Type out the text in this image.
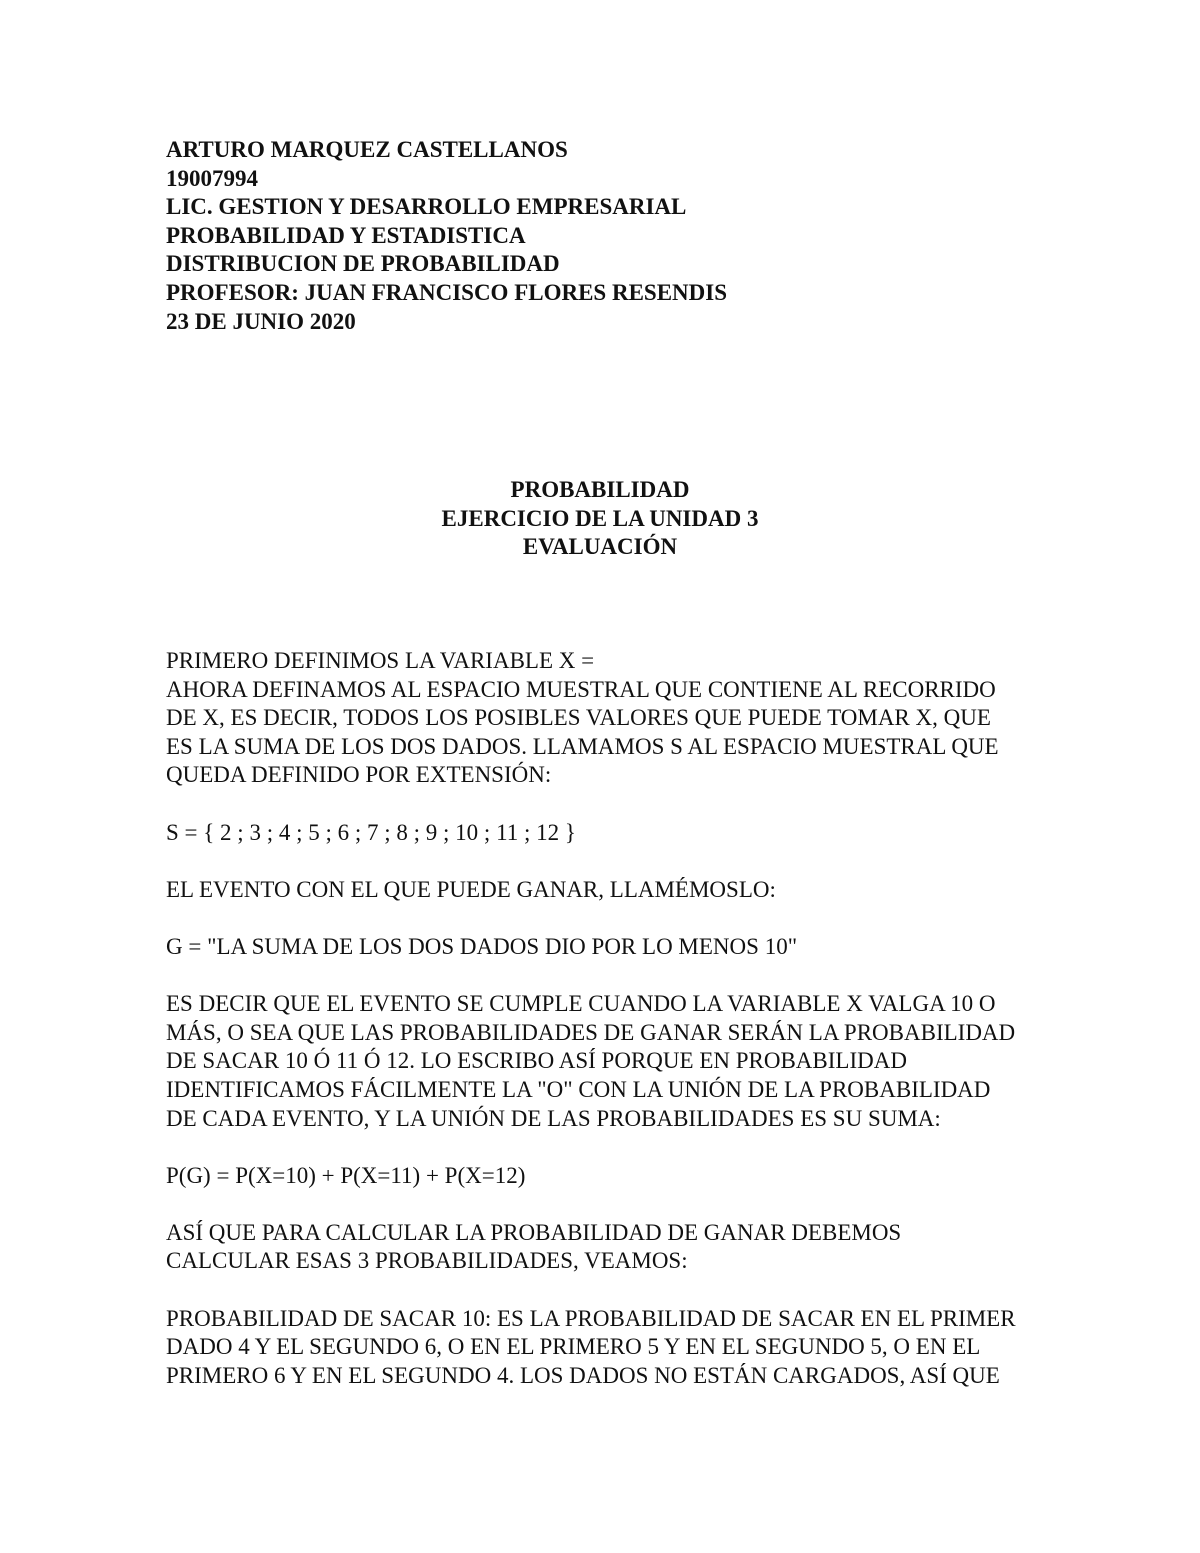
ARTURO MARQUEZ CASTELLANOS
19007994
LIC. GESTION Y DESARROLLO EMPRESARIAL
PROBABILIDAD Y ESTADISTICA
DISTRIBUCION DE PROBABILIDAD
PROFESOR: JUAN FRANCISCO FLORES RESENDIS
23 DE JUNIO 2020
PROBABILIDAD
EJERCICIO DE LA UNIDAD 3
EVALUACIÓN

PRIMERO DEFINIMOS LA VARIABLE X =
AHORA DEFINAMOS AL ESPACIO MUESTRAL QUE CONTIENE AL RECORRIDO
DE X, ES DECIR, TODOS LOS POSIBLES VALORES QUE PUEDE TOMAR X, QUE
ES LA SUMA DE LOS DOS DADOS. LLAMAMOS S AL ESPACIO MUESTRAL QUE
QUEDA DEFINIDO POR EXTENSIÓN:

S = { 2 ; 3 ; 4 ; 5 ; 6 ; 7 ; 8 ; 9 ; 10 ; 11 ; 12 }

EL EVENTO CON EL QUE PUEDE GANAR, LLAMÉMOSLO:

G = "LA SUMA DE LOS DOS DADOS DIO POR LO MENOS 10"

ES DECIR QUE EL EVENTO SE CUMPLE CUANDO LA VARIABLE X VALGA 10 O
MÁS, O SEA QUE LAS PROBABILIDADES DE GANAR SERÁN LA PROBABILIDAD
DE SACAR 10 Ó 11 Ó 12. LO ESCRIBO ASÍ PORQUE EN PROBABILIDAD
IDENTIFICAMOS FÁCILMENTE LA "O" CON LA UNIÓN DE LA PROBABILIDAD
DE CADA EVENTO, Y LA UNIÓN DE LAS PROBABILIDADES ES SU SUMA:

P(G) = P(X=10) + P(X=11) + P(X=12)

ASÍ QUE PARA CALCULAR LA PROBABILIDAD DE GANAR DEBEMOS
CALCULAR ESAS 3 PROBABILIDADES, VEAMOS:

PROBABILIDAD DE SACAR 10: ES LA PROBABILIDAD DE SACAR EN EL PRIMER
DADO 4 Y EL SEGUNDO 6, O EN EL PRIMERO 5 Y EN EL SEGUNDO 5, O EN EL
PRIMERO 6 Y EN EL SEGUNDO 4. LOS DADOS NO ESTÁN CARGADOS, ASÍ QUE
